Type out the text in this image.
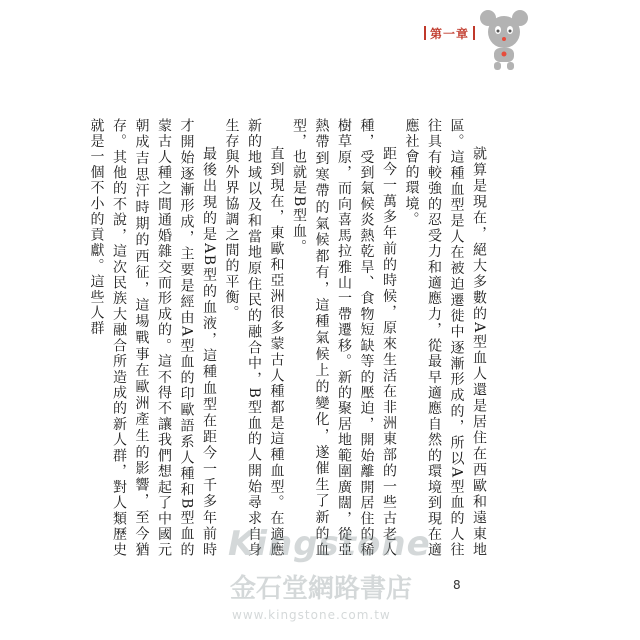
第一章

就算是現在，絕大多數的A型血人還是居住在西歐和遠東地區。這種血型是人在被迫遷徙中逐漸形成的，所以A型血的人往往具有較強的忍受力和適應力，從最早適應自然的環境到現在適應社會的環境。

距今一萬多年前的時候，原來生活在非洲東部的一些古老人種，受到氣候炎熱乾旱、食物短缺等的壓迫，開始離開居住的稀樹草原，而向喜馬拉雅山一帶遷移。新的聚居地範圍廣闊，從亞熱帶到寒帶的氣候都有，這種氣候上的變化，遂催生了新的血型，也就是B型血。

直到現在，東歐和亞洲很多蒙古人種都是這種血型。在適應新的地域以及和當地原住民的融合中，B型血的人開始尋求自身生存與外界協調之間的平衡。

最後出現的是AB型的血液，這種血型在距今一千多年前時才開始逐漸形成，主要是經由A型血的印歐語系人種和B型血的蒙古人種之間通婚雜交而形成的。這不得不讓我們想起了中國元朝成吉思汗時期的西征，這場戰事在歐洲產生的影響，至今猶存。其他的不說，這次民族大融合所造成的新人群，對人類歷史就是一個不小的貢獻。這些人群

Kingstone
金石堂網路書店
www.kingstone.com.tw
8
